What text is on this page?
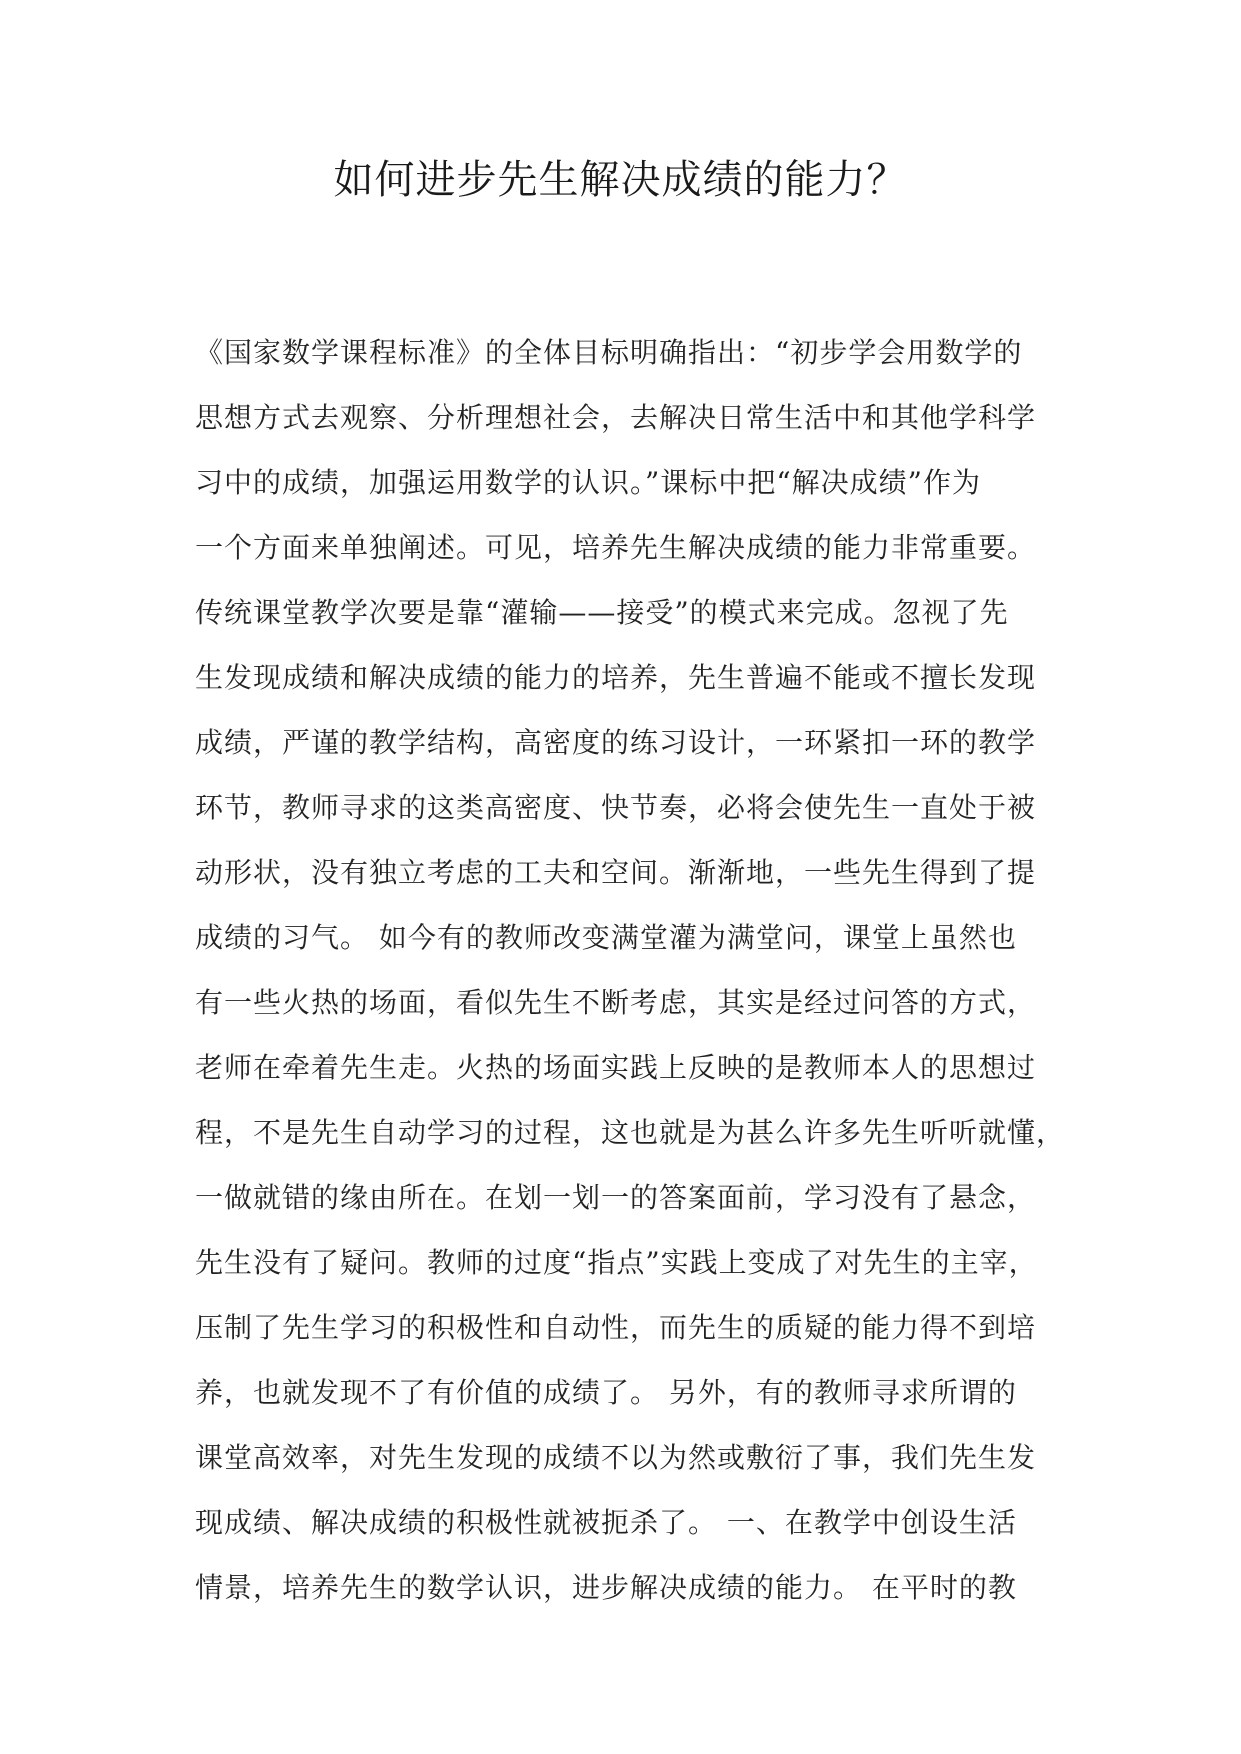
如何进步先生解决成绩的能力？
《国家数学课程标准》的全体目标明确指出：“初步学会用数学的
思想方式去观察、分析理想社会，去解决日常生活中和其他学科学
习中的成绩，加强运用数学的认识。”课标中把“解决成绩”作为
一个方面来单独阐述。可见，培养先生解决成绩的能力非常重要。
传统课堂教学次要是靠“灌输——接受”的模式来完成。忽视了先
生发现成绩和解决成绩的能力的培养，先生普遍不能或不擅长发现
成绩，严谨的教学结构，高密度的练习设计，一环紧扣一环的教学
环节，教师寻求的这类高密度、快节奏，必将会使先生一直处于被
动形状，没有独立考虑的工夫和空间。渐渐地，一些先生得到了提
成绩的习气。 如今有的教师改变满堂灌为满堂问，课堂上虽然也
有一些火热的场面，看似先生不断考虑，其实是经过问答的方式，
老师在牵着先生走。火热的场面实践上反映的是教师本人的思想过
程，不是先生自动学习的过程，这也就是为甚么许多先生听听就懂，
一做就错的缘由所在。在划一划一的答案面前，学习没有了悬念，
先生没有了疑问。教师的过度“指点”实践上变成了对先生的主宰，
压制了先生学习的积极性和自动性，而先生的质疑的能力得不到培
养，也就发现不了有价值的成绩了。 另外，有的教师寻求所谓的
课堂高效率，对先生发现的成绩不以为然或敷衍了事，我们先生发
现成绩、解决成绩的积极性就被扼杀了。 一、在教学中创设生活
情景，培养先生的数学认识，进步解决成绩的能力。 在平时的教
